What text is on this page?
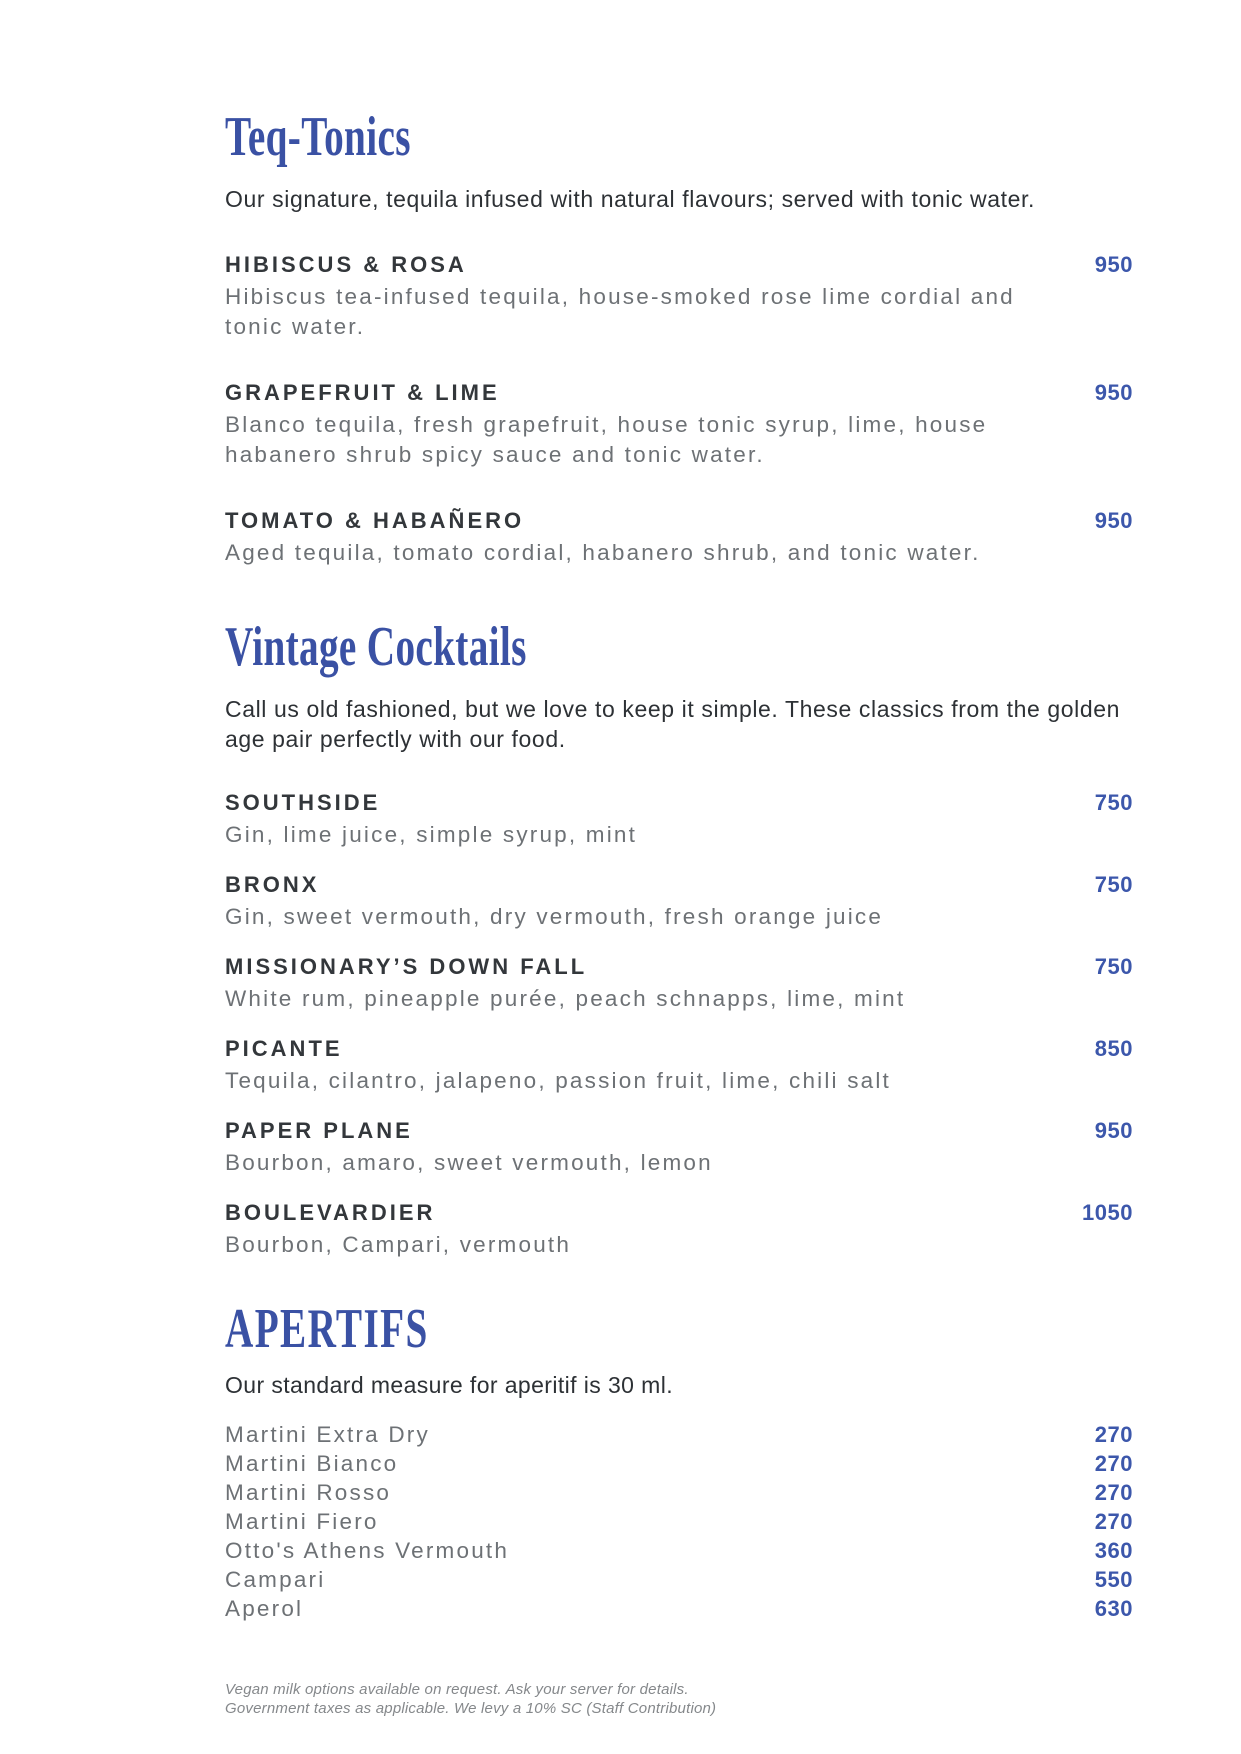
Teq-Tonics

Our signature, tequila infused with natural flavours; served with tonic water.

HIBISCUS & ROSA	950

Hibiscus tea-infused tequila, house-smoked rose lime cordial and tonic water.

GRAPEFRUIT & LIME	950

Blanco tequila, fresh grapefruit, house tonic syrup, lime, house habanero shrub spicy sauce and tonic water.

TOMATO & HABAÑERO	950

Aged tequila, tomato cordial, habanero shrub, and tonic water.

Vintage Cocktails

Call us old fashioned, but we love to keep it simple. These classics from the golden age pair perfectly with our food.

SOUTHSIDE	750

Gin, lime juice, simple syrup, mint

BRONX	750

Gin, sweet vermouth, dry vermouth, fresh orange juice

MISSIONARY’S DOWN FALL	750

White rum, pineapple purée, peach schnapps, lime, mint

PICANTE	850

Tequila, cilantro, jalapeno, passion fruit, lime, chili salt

PAPER PLANE	950

Bourbon, amaro, sweet vermouth, lemon

BOULEVARDIER	1050

Bourbon, Campari, vermouth

APERTIFS

Our standard measure for aperitif is 30 ml.

Martini Extra Dry	270
Martini Bianco	270
Martini Rosso	270
Martini Fiero	270
Otto's Athens Vermouth	360
Campari	550
Aperol	630

Vegan milk options available on request. Ask your server for details.

Government taxes as applicable. We levy a 10% SC (Staff Contribution)
